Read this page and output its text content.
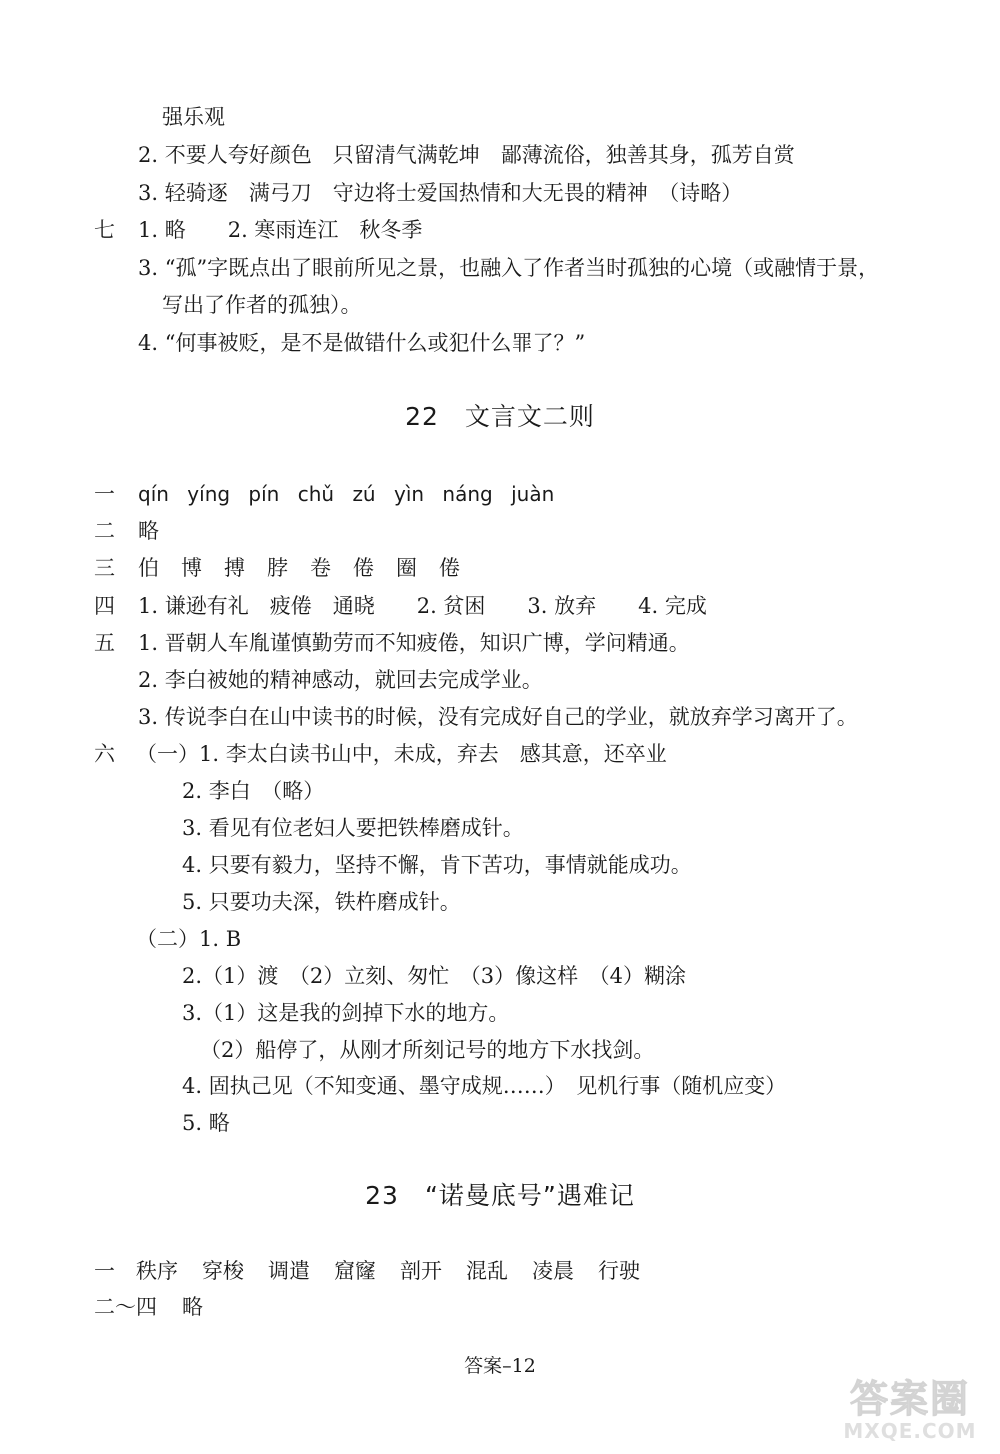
强乐观
2. 不要人夸好颜色　只留清气满乾坤　鄙薄流俗，独善其身，孤芳自赏
3. 轻骑逐　满弓刀　守边将士爱国热情和大无畏的精神　（诗略）
七 1. 略　　2. 寒雨连江　秋冬季
3. “孤”字既点出了眼前所见之景，也融入了作者当时孤独的心境（或融情于景，
写出了作者的孤独）。
4. “何事被贬，是不是做错什么或犯什么罪了？”
22　文言文二则
一 qín yíng pín chǔ zú yìn náng juàn
二 略
三 伯 博 搏 脖 卷 倦 圈 倦
四 1. 谦逊有礼　疲倦　通晓　　2. 贫困　　3. 放弃　　4. 完成
五 1. 晋朝人车胤谨慎勤劳而不知疲倦，知识广博，学问精通。
2. 李白被她的精神感动，就回去完成学业。
3. 传说李白在山中读书的时候，没有完成好自己的学业，就放弃学习离开了。
六 （一）1. 李太白读书山中，未成，弃去　感其意，还卒业
2. 李白　（略）
3. 看见有位老妇人要把铁棒磨成针。
4. 只要有毅力，坚持不懈，肯下苦功，事情就能成功。
5. 只要功夫深，铁杵磨成针。
（二）1. B
2.（1）渡　（2）立刻、匆忙　（3）像这样　（4）糊涂
3.（1）这是我的剑掉下水的地方。
（2）船停了，从刚才所刻记号的地方下水找剑。
4. 固执己见（不知变通、墨守成规……）　见机行事（随机应变）
5. 略
23　“诺曼底号”遇难记
一 秩序 穿梭 调遣 窟窿 剖开 混乱 凌晨 行驶
二～四 略
答案–12
答案圈
MXQE.COM
